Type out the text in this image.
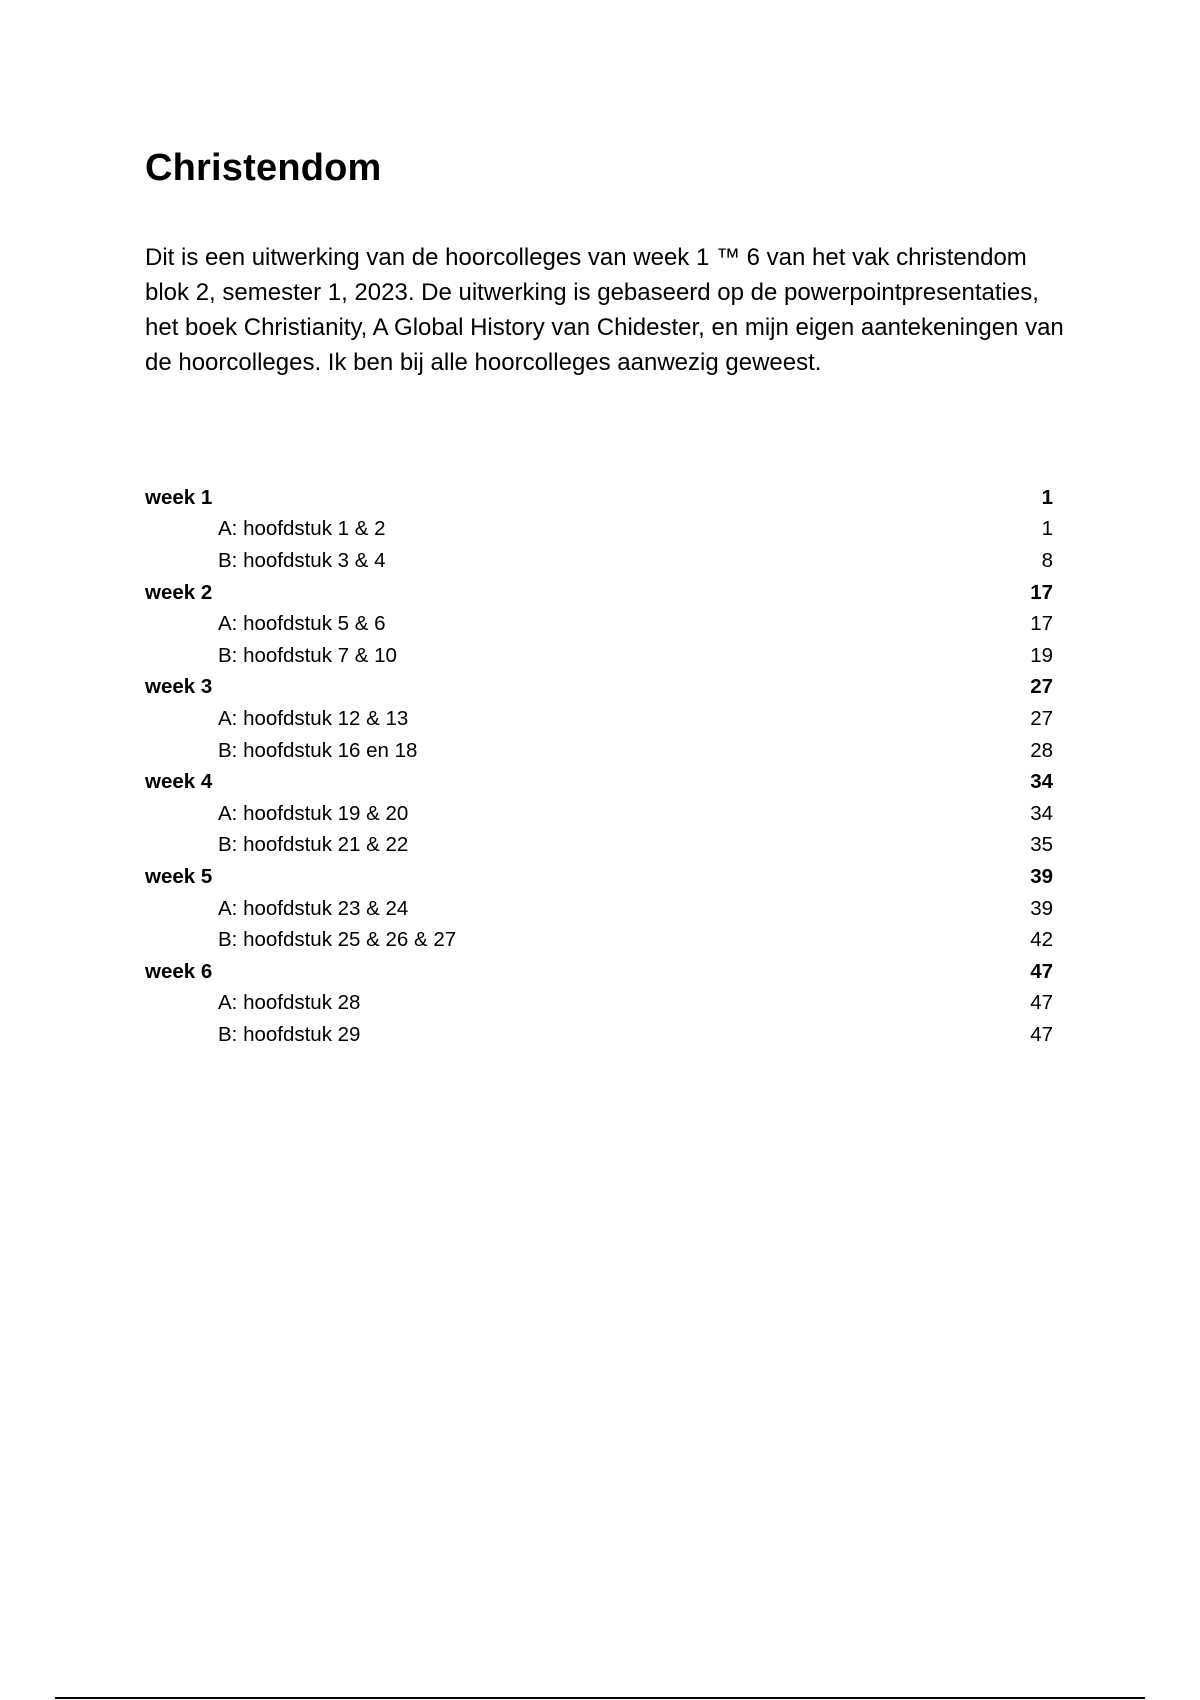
Christendom

Dit is een uitwerking van de hoorcolleges van week 1 ™ 6 van het vak christendom blok 2, semester 1, 2023. De uitwerking is gebaseerd op de powerpointpresentaties, het boek Christianity, A Global History van Chidester, en mijn eigen aantekeningen van de hoorcolleges. Ik ben bij alle hoorcolleges aanwezig geweest.

week 1	1
A: hoofdstuk 1 & 2	1
B: hoofdstuk 3 & 4	8
week 2	17
A: hoofdstuk 5 & 6	17
B: hoofdstuk 7 & 10	19
week 3	27
A: hoofdstuk 12 & 13	27
B: hoofdstuk 16 en 18	28
week 4	34
A: hoofdstuk 19 & 20	34
B: hoofdstuk 21 & 22	35
week 5	39
A: hoofdstuk 23 & 24	39
B: hoofdstuk 25 & 26 & 27	42
week 6	47
A: hoofdstuk 28	47
B: hoofdstuk 29	47
